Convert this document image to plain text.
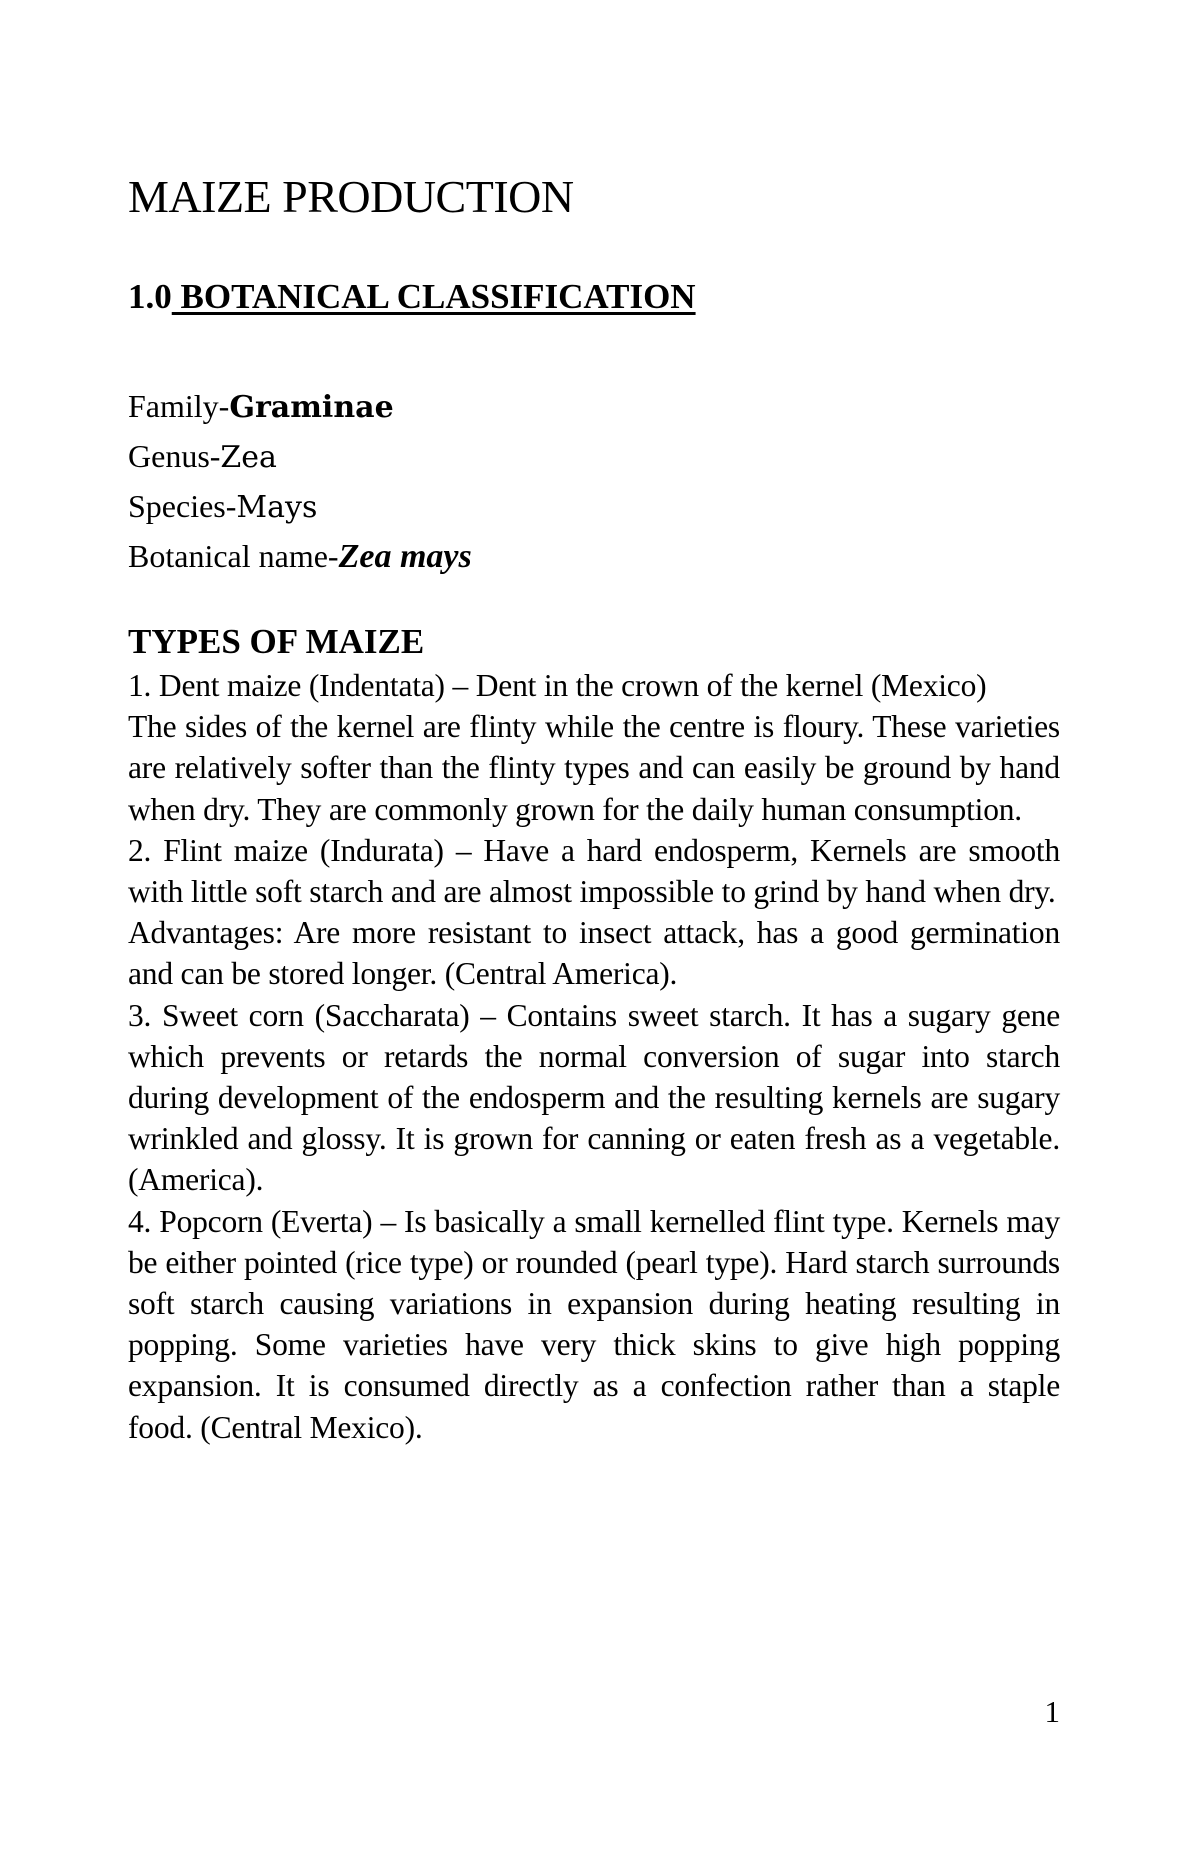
MAIZE PRODUCTION
1.0 BOTANICAL CLASSIFICATION
Family-Graminae
Genus-Zea
Species-Mays
Botanical name-Zea mays
TYPES OF MAIZE

1. Dent maize (Indentata) – Dent in the crown of the kernel (Mexico)

The sides of the kernel are flinty while the centre is floury. These varieties are relatively softer than the flinty types and can easily be ground by hand when dry. They are commonly grown for the daily human consumption.

2. Flint maize (Indurata) – Have a hard endosperm, Kernels are smooth with little soft starch and are almost impossible to grind by hand when dry.

Advantages: Are more resistant to insect attack, has a good germination and can be stored longer. (Central America).

3. Sweet corn (Saccharata) – Contains sweet starch. It has a sugary gene which prevents or retards the normal conversion of sugar into starch during development of the endosperm and the resulting kernels are sugary wrinkled and glossy. It is grown for canning or eaten fresh as a vegetable. (America).

4. Popcorn (Everta) – Is basically a small kernelled flint type. Kernels may be either pointed (rice type) or rounded (pearl type). Hard starch surrounds soft starch causing variations in expansion during heating resulting in popping. Some varieties have very thick skins to give high popping expansion. It is consumed directly as a confection rather than a staple food. (Central Mexico).

1
